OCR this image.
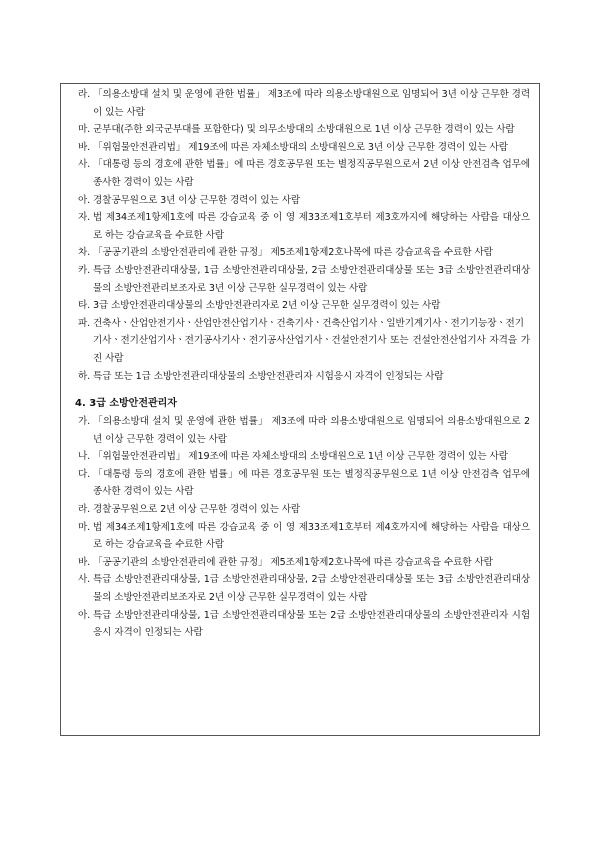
라. 「의용소방대 설치 및 운영에 관한 법률」 제3조에 따라 의용소방대원으로 임명되어 3년 이상 근무한 경력이 있는 사람
마. 군부대(주한 외국군부대를 포함한다) 및 의무소방대의 소방대원으로 1년 이상 근무한 경력이 있는 사람
바. 「위험물안전관리법」 제19조에 따른 자체소방대의 소방대원으로 3년 이상 근무한 경력이 있는 사람
사. 「대통령 등의 경호에 관한 법률」에 따른 경호공무원 또는 별정직공무원으로서 2년 이상 안전검측 업무에 종사한 경력이 있는 사람
아. 경찰공무원으로 3년 이상 근무한 경력이 있는 사람
자. 법 제34조제1항제1호에 따른 강습교육 중 이 영 제33조제1호부터 제3호까지에 해당하는 사람을 대상으로 하는 강습교육을 수료한 사람
차. 「공공기관의 소방안전관리에 관한 규정」 제5조제1항제2호나목에 따른 강습교육을 수료한 사람
카. 특급 소방안전관리대상물, 1급 소방안전관리대상물, 2급 소방안전관리대상물 또는 3급 소방안전관리대상물의 소방안전관리보조자로 3년 이상 근무한 실무경력이 있는 사람
타. 3급 소방안전관리대상물의 소방안전관리자로 2년 이상 근무한 실무경력이 있는 사람
파. 건축사ㆍ산업안전기사ㆍ산업안전산업기사ㆍ건축기사ㆍ건축산업기사ㆍ일반기계기사ㆍ전기기능장ㆍ전기기사ㆍ전기산업기사ㆍ전기공사기사ㆍ전기공사산업기사ㆍ건설안전기사 또는 건설안전산업기사 자격을 가진 사람
하. 특급 또는 1급 소방안전관리대상물의 소방안전관리자 시험응시 자격이 인정되는 사람
4. 3급 소방안전관리자
가. 「의용소방대 설치 및 운영에 관한 법률」 제3조에 따라 의용소방대원으로 임명되어 의용소방대원으로 2년 이상 근무한 경력이 있는 사람
나. 「위험물안전관리법」 제19조에 따른 자체소방대의 소방대원으로 1년 이상 근무한 경력이 있는 사람
다. 「대통령 등의 경호에 관한 법률」에 따른 경호공무원 또는 별정직공무원으로 1년 이상 안전검측 업무에 종사한 경력이 있는 사람
라. 경찰공무원으로 2년 이상 근무한 경력이 있는 사람
마. 법 제34조제1항제1호에 따른 강습교육 중 이 영 제33조제1호부터 제4호까지에 해당하는 사람을 대상으로 하는 강습교육을 수료한 사람
바. 「공공기관의 소방안전관리에 관한 규정」 제5조제1항제2호나목에 따른 강습교육을 수료한 사람
사. 특급 소방안전관리대상물, 1급 소방안전관리대상물, 2급 소방안전관리대상물 또는 3급 소방안전관리대상물의 소방안전관리보조자로 2년 이상 근무한 실무경력이 있는 사람
아. 특급 소방안전관리대상물, 1급 소방안전관리대상물 또는 2급 소방안전관리대상물의 소방안전관리자 시험응시 자격이 인정되는 사람
